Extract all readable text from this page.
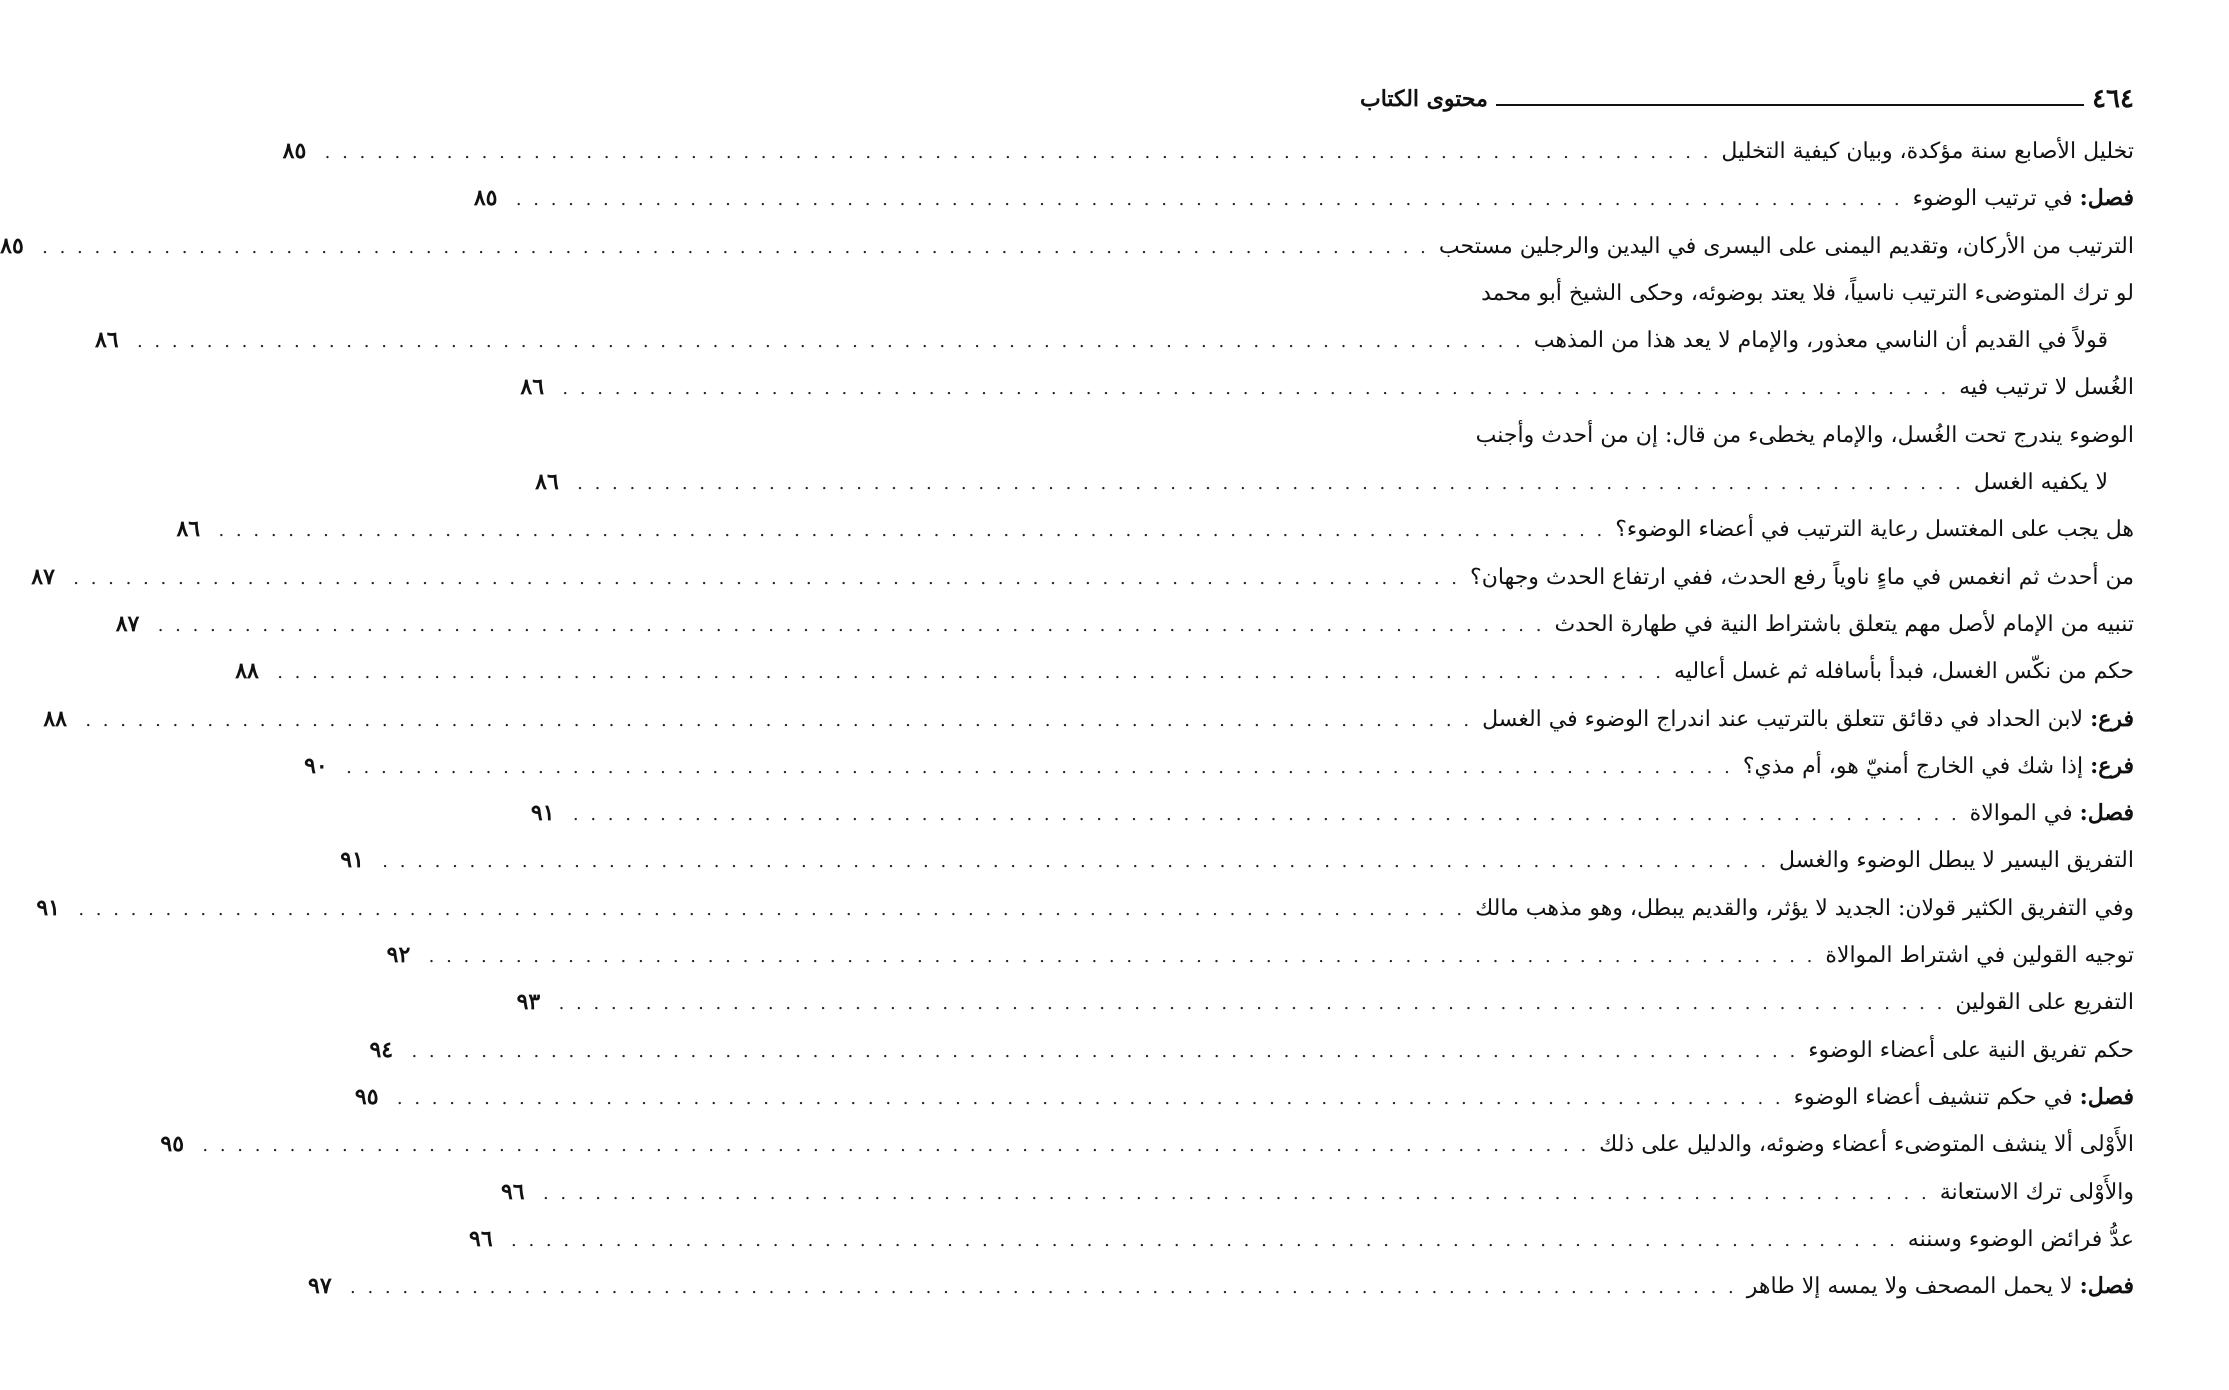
٤٦٤
محتوى الكتاب
تخليل الأصابع سنة مؤكدة، وبيان كيفية التخليل
. . . . . . . . . . . . . . . . . . . . . . . . . . . . . . . . . . . . . . . . . . . . . . . . . . . . . . . . . . . . . . . . . . . . . . . . . . . . . . . .
٨٥
فصل: في ترتيب الوضوء
. . . . . . . . . . . . . . . . . . . . . . . . . . . . . . . . . . . . . . . . . . . . . . . . . . . . . . . . . . . . . . . . . . . . . . . . . . . . . . . .
٨٥
الترتيب من الأركان، وتقديم اليمنى على اليسرى في اليدين والرجلين مستحب
. . . . . . . . . . . . . . . . . . . . . . . . . . . . . . . . . . . . . . . . . . . . . . . . . . . . . . . . . . . . . . . . . . . . . . . . . . . . . . . .
٨٥
لو ترك المتوضىء الترتيب ناسياً، فلا يعتد بوضوئه، وحكى الشيخ أبو محمد
قولاً في القديم أن الناسي معذور، والإمام لا يعد هذا من المذهب
. . . . . . . . . . . . . . . . . . . . . . . . . . . . . . . . . . . . . . . . . . . . . . . . . . . . . . . . . . . . . . . . . . . . . . . . . . . . . . . .
٨٦
الغُسل لا ترتيب فيه
. . . . . . . . . . . . . . . . . . . . . . . . . . . . . . . . . . . . . . . . . . . . . . . . . . . . . . . . . . . . . . . . . . . . . . . . . . . . . . . .
٨٦
الوضوء يندرج تحت الغُسل، والإمام يخطىء من قال: إن من أحدث وأجنب
لا يكفيه الغسل
. . . . . . . . . . . . . . . . . . . . . . . . . . . . . . . . . . . . . . . . . . . . . . . . . . . . . . . . . . . . . . . . . . . . . . . . . . . . . . . .
٨٦
هل يجب على المغتسل رعاية الترتيب في أعضاء الوضوء؟
. . . . . . . . . . . . . . . . . . . . . . . . . . . . . . . . . . . . . . . . . . . . . . . . . . . . . . . . . . . . . . . . . . . . . . . . . . . . . . . .
٨٦
من أحدث ثم انغمس في ماءٍ ناوياً رفع الحدث، ففي ارتفاع الحدث وجهان؟
. . . . . . . . . . . . . . . . . . . . . . . . . . . . . . . . . . . . . . . . . . . . . . . . . . . . . . . . . . . . . . . . . . . . . . . . . . . . . . . .
٨٧
تنبيه من الإمام لأصل مهم يتعلق باشتراط النية في طهارة الحدث
. . . . . . . . . . . . . . . . . . . . . . . . . . . . . . . . . . . . . . . . . . . . . . . . . . . . . . . . . . . . . . . . . . . . . . . . . . . . . . . .
٨٧
حكم من نكّس الغسل، فبدأ بأسافله ثم غسل أعاليه
. . . . . . . . . . . . . . . . . . . . . . . . . . . . . . . . . . . . . . . . . . . . . . . . . . . . . . . . . . . . . . . . . . . . . . . . . . . . . . . .
٨٨
فرع: لابن الحداد في دقائق تتعلق بالترتيب عند اندراج الوضوء في الغسل
. . . . . . . . . . . . . . . . . . . . . . . . . . . . . . . . . . . . . . . . . . . . . . . . . . . . . . . . . . . . . . . . . . . . . . . . . . . . . . . .
٨٨
فرع: إذا شك في الخارج أمنيّ هو، أم مذي؟
. . . . . . . . . . . . . . . . . . . . . . . . . . . . . . . . . . . . . . . . . . . . . . . . . . . . . . . . . . . . . . . . . . . . . . . . . . . . . . . .
٩٠
فصل: في الموالاة
. . . . . . . . . . . . . . . . . . . . . . . . . . . . . . . . . . . . . . . . . . . . . . . . . . . . . . . . . . . . . . . . . . . . . . . . . . . . . . . .
٩١
التفريق اليسير لا يبطل الوضوء والغسل
. . . . . . . . . . . . . . . . . . . . . . . . . . . . . . . . . . . . . . . . . . . . . . . . . . . . . . . . . . . . . . . . . . . . . . . . . . . . . . . .
٩١
وفي التفريق الكثير قولان: الجديد لا يؤثر، والقديم يبطل، وهو مذهب مالك
. . . . . . . . . . . . . . . . . . . . . . . . . . . . . . . . . . . . . . . . . . . . . . . . . . . . . . . . . . . . . . . . . . . . . . . . . . . . . . . .
٩١
توجيه القولين في اشتراط الموالاة
. . . . . . . . . . . . . . . . . . . . . . . . . . . . . . . . . . . . . . . . . . . . . . . . . . . . . . . . . . . . . . . . . . . . . . . . . . . . . . . .
٩٢
التفريع على القولين
. . . . . . . . . . . . . . . . . . . . . . . . . . . . . . . . . . . . . . . . . . . . . . . . . . . . . . . . . . . . . . . . . . . . . . . . . . . . . . . .
٩٣
حكم تفريق النية على أعضاء الوضوء
. . . . . . . . . . . . . . . . . . . . . . . . . . . . . . . . . . . . . . . . . . . . . . . . . . . . . . . . . . . . . . . . . . . . . . . . . . . . . . . .
٩٤
فصل: في حكم تنشيف أعضاء الوضوء
. . . . . . . . . . . . . . . . . . . . . . . . . . . . . . . . . . . . . . . . . . . . . . . . . . . . . . . . . . . . . . . . . . . . . . . . . . . . . . . .
٩٥
الأَوْلى ألا ينشف المتوضىء أعضاء وضوئه، والدليل على ذلك
. . . . . . . . . . . . . . . . . . . . . . . . . . . . . . . . . . . . . . . . . . . . . . . . . . . . . . . . . . . . . . . . . . . . . . . . . . . . . . . .
٩٥
والأَوْلى ترك الاستعانة
. . . . . . . . . . . . . . . . . . . . . . . . . . . . . . . . . . . . . . . . . . . . . . . . . . . . . . . . . . . . . . . . . . . . . . . . . . . . . . . .
٩٦
عدُّ فرائض الوضوء وسننه
. . . . . . . . . . . . . . . . . . . . . . . . . . . . . . . . . . . . . . . . . . . . . . . . . . . . . . . . . . . . . . . . . . . . . . . . . . . . . . . .
٩٦
فصل: لا يحمل المصحف ولا يمسه إلا طاهر
. . . . . . . . . . . . . . . . . . . . . . . . . . . . . . . . . . . . . . . . . . . . . . . . . . . . . . . . . . . . . . . . . . . . . . . . . . . . . . . .
٩٧
